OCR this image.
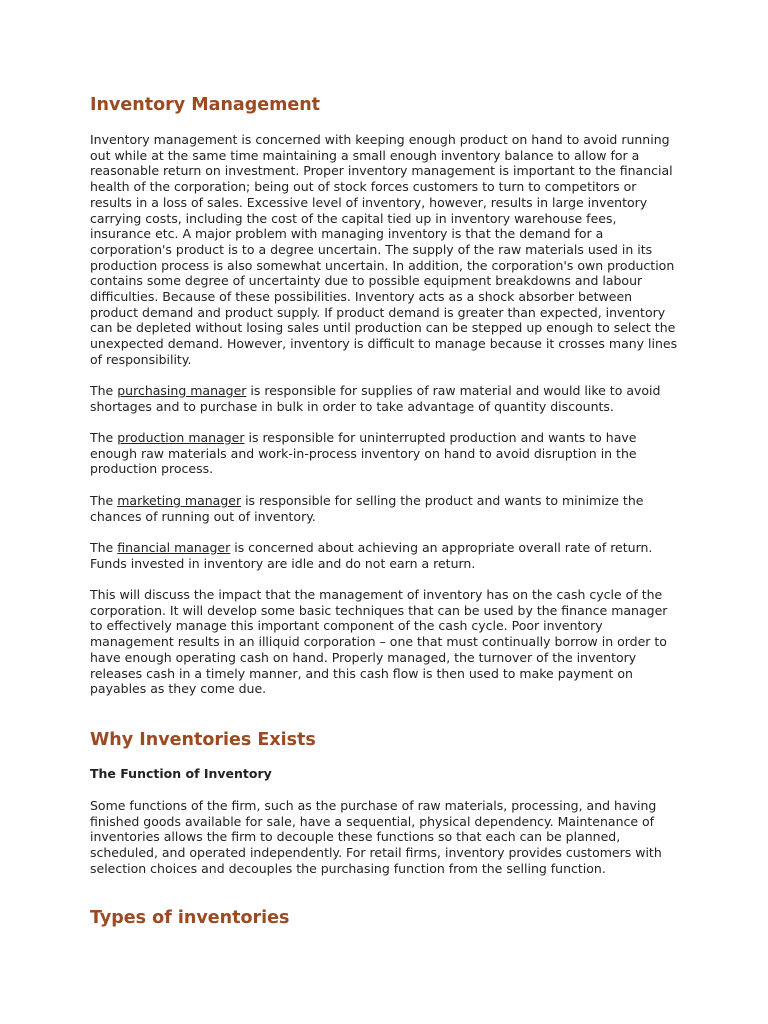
Inventory Management

Inventory management is concerned with keeping enough product on hand to avoid running out while at the same time maintaining a small enough inventory balance to allow for a reasonable return on investment. Proper inventory management is important to the financial health of the corporation; being out of stock forces customers to turn to competitors or results in a loss of sales. Excessive level of inventory, however, results in large inventory carrying costs, including the cost of the capital tied up in inventory warehouse fees, insurance etc. A major problem with managing inventory is that the demand for a corporation's product is to a degree uncertain. The supply of the raw materials used in its production process is also somewhat uncertain. In addition, the corporation's own production contains some degree of uncertainty due to possible equipment breakdowns and labour difficulties. Because of these possibilities. Inventory acts as a shock absorber between product demand and product supply. If product demand is greater than expected, inventory can be depleted without losing sales until production can be stepped up enough to select the unexpected demand. However, inventory is difficult to manage because it crosses many lines of responsibility.

The purchasing manager is responsible for supplies of raw material and would like to avoid shortages and to purchase in bulk in order to take advantage of quantity discounts.

The production manager is responsible for uninterrupted production and wants to have enough raw materials and work-in-process inventory on hand to avoid disruption in the production process.

The marketing manager is responsible for selling the product and wants to minimize the chances of running out of inventory.

The financial manager is concerned about achieving an appropriate overall rate of return. Funds invested in inventory are idle and do not earn a return.

This will discuss the impact that the management of inventory has on the cash cycle of the corporation. It will develop some basic techniques that can be used by the finance manager to effectively manage this important component of the cash cycle. Poor inventory management results in an illiquid corporation – one that must continually borrow in order to have enough operating cash on hand. Properly managed, the turnover of the inventory releases cash in a timely manner, and this cash flow is then used to make payment on payables as they come due.

Why Inventories Exists
The Function of Inventory

Some functions of the firm, such as the purchase of raw materials, processing, and having finished goods available for sale, have a sequential, physical dependency. Maintenance of inventories allows the firm to decouple these functions so that each can be planned, scheduled, and operated independently. For retail firms, inventory provides customers with selection choices and decouples the purchasing function from the selling function.

Types of inventories
